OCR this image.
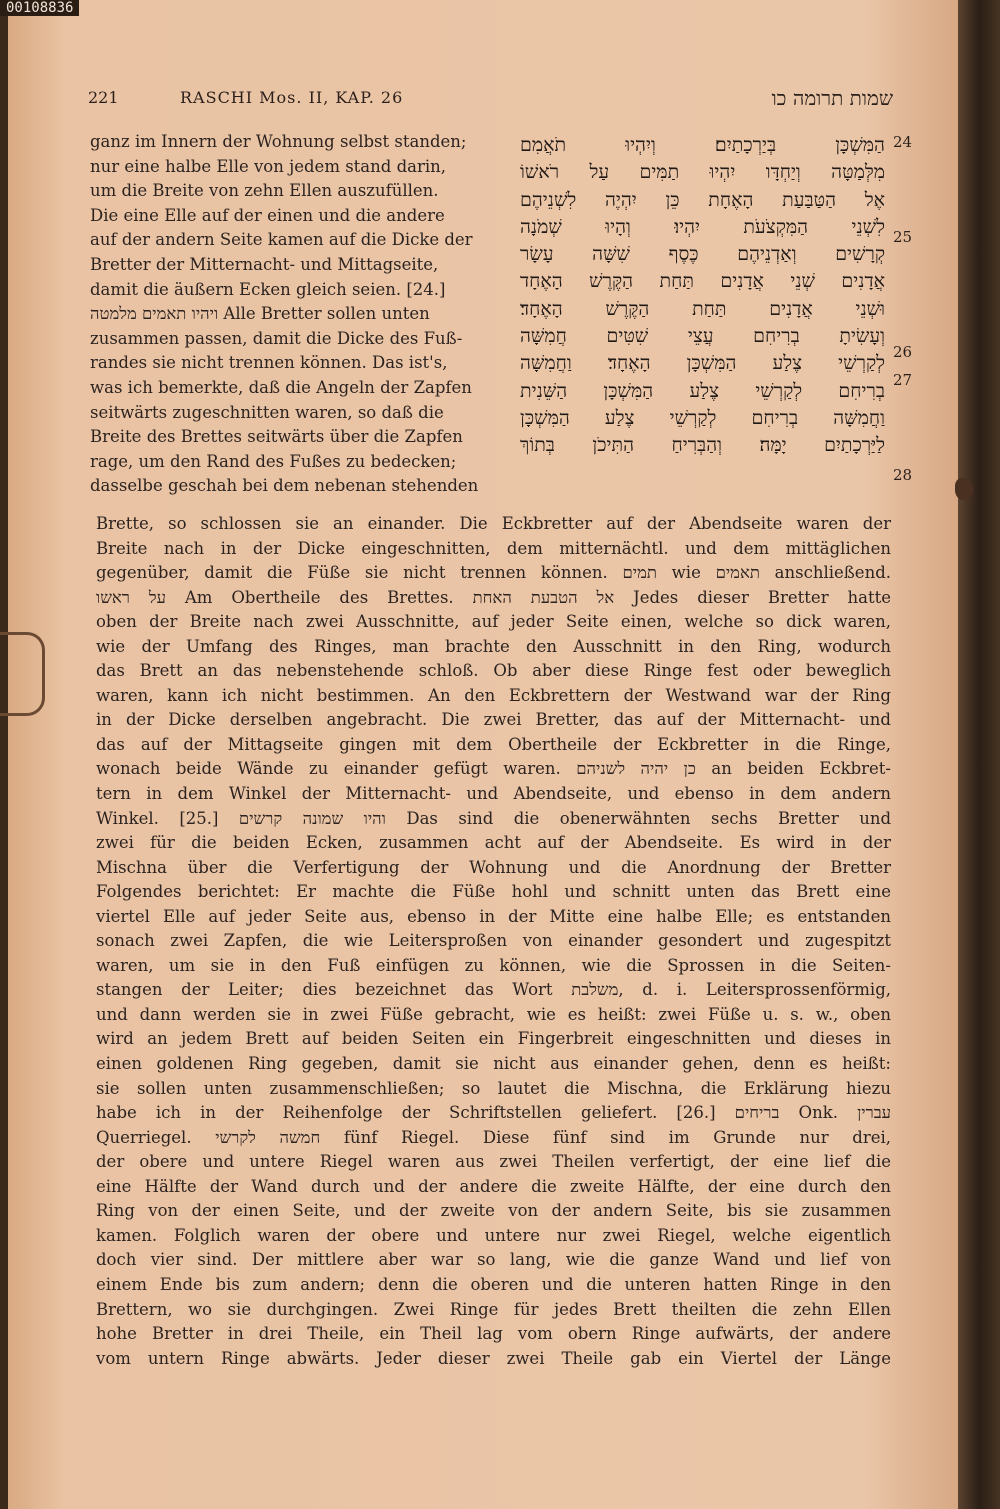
00108836
221	RASCHI Mos. II, KAP. 26	שמות תרומה כו
ganz im Innern der Wohnung selbst standen;
nur eine halbe Elle von jedem stand darin,
um die Breite von zehn Ellen auszufüllen.
Die eine Elle auf der einen und die andere
auf der andern Seite kamen auf die Dicke der
Bretter der Mitternacht- und Mittagseite,
damit die äußern Ecken gleich seien. [24.]
ויהיו תאמים מלמטה Alle Bretter sollen unten
zusammen passen, damit die Dicke des Fuß-
randes sie nicht trennen können. Das ist's,
was ich bemerkte, daß die Angeln der Zapfen
seitwärts zugeschnitten waren, so daß die
Breite des Brettes seitwärts über die Zapfen
rage, um den Rand des Fußes zu bedecken;
dasselbe geschah bei dem nebenan stehenden
הַמִּשְׁכָּן בְּיַרְכָתַיִם׃ וְיִהְיוּ תֹאֲמִם
מִלְּמַטָּה וְיַחְדָּו יִהְיוּ תַמִּים עַל רֹאשׁוֹ
אֶל הַטַּבַּעַת הָאֶחָת כֵּן יִהְיֶה לִשְׁנֵיהֶם
לִשְׁנֵי הַמִּקְצֹעֹת יִהְיוּ׃ וְהָיוּ שְׁמֹנָה
קְרָשִׁים וְאַדְנֵיהֶם כֶּסֶף שִׁשָּׁה עָשָׂר
אֲדָנִים שְׁנֵי אֲדָנִים תַּחַת הַקֶּרֶשׁ הָאֶחָד
וּשְׁנֵי אֲדָנִים תַּחַת הַקֶּרֶשׁ הָאֶחָד׃
וְעָשִׂיתָ בְרִיחִם עֲצֵי שִׁטִּים חֲמִשָּׁה
לְקַרְשֵׁי צֶלַע הַמִּשְׁכָּן הָאֶחָד׃ וַחֲמִשָּׁה
בְרִיחִם לְקַרְשֵׁי צֶלַע הַמִּשְׁכָּן הַשֵּׁנִית
וַחֲמִשָּׁה בְרִיחִם לְקַרְשֵׁי צֶלַע הַמִּשְׁכָּן
לַיַּרְכָתַיִם יָמָּה׃ וְהַבְּרִיחַ הַתִּיכֹן בְּתוֹךְ
24
25
26
27
28
Brette, so schlossen sie an einander. Die Eckbretter auf der Abendseite waren der
Breite nach in der Dicke eingeschnitten, dem mitternächtl. und dem mittäglichen
gegenüber, damit die Füße sie nicht trennen können. תמים wie תאמים anschließend.
על ראשו Am Obertheile des Brettes. אל הטבעת האחת Jedes dieser Bretter hatte
oben der Breite nach zwei Ausschnitte, auf jeder Seite einen, welche so dick waren,
wie der Umfang des Ringes, man brachte den Ausschnitt in den Ring, wodurch
das Brett an das nebenstehende schloß. Ob aber diese Ringe fest oder beweglich
waren, kann ich nicht bestimmen. An den Eckbrettern der Westwand war der Ring
in der Dicke derselben angebracht. Die zwei Bretter, das auf der Mitternacht- und
das auf der Mittagseite gingen mit dem Obertheile der Eckbretter in die Ringe,
wonach beide Wände zu einander gefügt waren. כן יהיה לשניהם an beiden Eckbret-
tern in dem Winkel der Mitternacht- und Abendseite, und ebenso in dem andern
Winkel. [25.] והיו שמונה קרשים Das sind die obenerwähnten sechs Bretter und
zwei für die beiden Ecken, zusammen acht auf der Abendseite. Es wird in der
Mischna über die Verfertigung der Wohnung und die Anordnung der Bretter
Folgendes berichtet: Er machte die Füße hohl und schnitt unten das Brett eine
viertel Elle auf jeder Seite aus, ebenso in der Mitte eine halbe Elle; es entstanden
sonach zwei Zapfen, die wie Leitersproßen von einander gesondert und zugespitzt
waren, um sie in den Fuß einfügen zu können, wie die Sprossen in die Seiten-
stangen der Leiter; dies bezeichnet das Wort משלבת, d. i. Leitersprossenförmig,
und dann werden sie in zwei Füße gebracht, wie es heißt: zwei Füße u. s. w., oben
wird an jedem Brett auf beiden Seiten ein Fingerbreit eingeschnitten und dieses in
einen goldenen Ring gegeben, damit sie nicht aus einander gehen, denn es heißt:
sie sollen unten zusammenschließen; so lautet die Mischna, die Erklärung hiezu
habe ich in der Reihenfolge der Schriftstellen geliefert. [26.] בריחים Onk. עברין
Querriegel. חמשה לקרשי fünf Riegel. Diese fünf sind im Grunde nur drei,
der obere und untere Riegel waren aus zwei Theilen verfertigt, der eine lief die
eine Hälfte der Wand durch und der andere die zweite Hälfte, der eine durch den
Ring von der einen Seite, und der zweite von der andern Seite, bis sie zusammen
kamen. Folglich waren der obere und untere nur zwei Riegel, welche eigentlich
doch vier sind. Der mittlere aber war so lang, wie die ganze Wand und lief von
einem Ende bis zum andern; denn die oberen und die unteren hatten Ringe in den
Brettern, wo sie durchgingen. Zwei Ringe für jedes Brett theilten die zehn Ellen
hohe Bretter in drei Theile, ein Theil lag vom obern Ringe aufwärts, der andere
vom untern Ringe abwärts. Jeder dieser zwei Theile gab ein Viertel der Länge
